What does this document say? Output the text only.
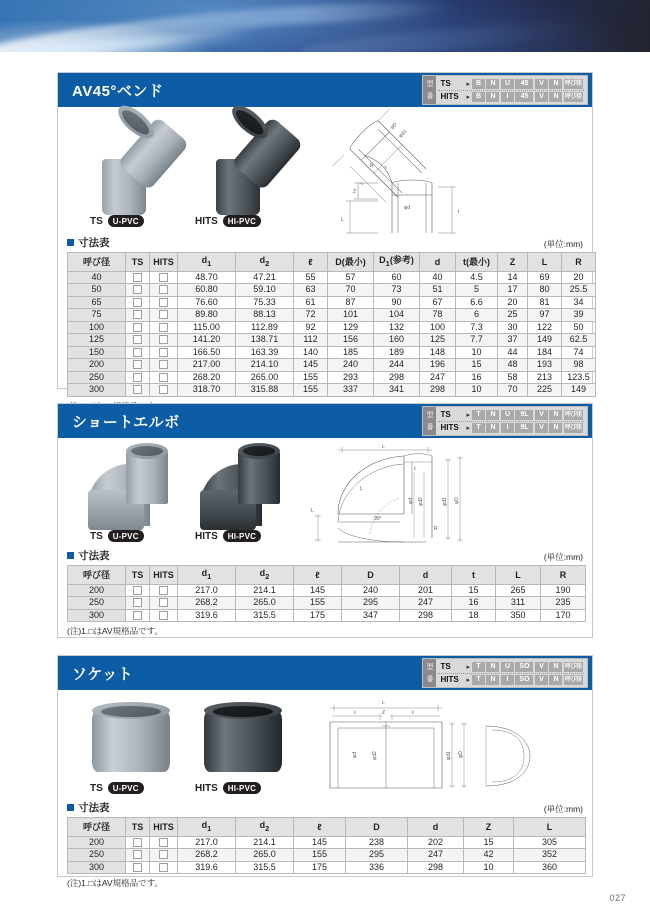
AV45°ベンド	型
番
TS	▸ B	N	U	45	V	N	呼び径
HITS	▸ B	N	I	45	V	N	呼び径
TS	U-PVC	HITS	HI-PVC
Z
L
φd
R
t
L
ℓ
φD
φd1
寸法表	(単位:mm)
呼び径	TS	HITS	$d_1$	$d_2$	ℓ	D(最小)	$D_1$(参考)	d	t(最小)	Z	L	R
40			48.70	47.21	55	57	60	40	4.5	14	69	20
50			60.80	59.10	63	70	73	51	5	17	80	25.5
65			76.60	75.33	61	87	90	67	6.6	20	81	34
75			89.80	88.13	72	101	104	78	6	25	97	39
100			115.00	112.89	92	129	132	100	7.3	30	122	50
125			141.20	138.71	112	156	160	125	7.7	37	149	62.5
150			166.50	163.39	140	185	189	148	10	44	184	74
200			217.00	214.10	145	240	244	196	15	48	193	98
250			268.20	265.00	155	293	298	247	16	58	213	123.5
300			318.70	315.88	155	337	341	298	10	70	225	149
ショートエルボ	型
番
TS	▸ T	N	U	9L	V	N	呼び径
HITS	▸ T	N	I	9L	V	N	呼び径
TS	U-PVC	HITS	HI-PVC
L
ℓ
L
L
90°
R
φd φd2	φd1 φD
寸法表	(単位:mm)
呼び径	TS	HITS	$d_1$	$d_2$	ℓ	D	d	t	L	R
200			217.0	214.1	145	240	201	15	265	190
250			268.2	265.0	155	295	247	16	311	235
300			319.6	315.5	175	347	298	18	350	170
(注)1.□はAV規格品です。
ソケット	型
番
TS	▸ T	N	U	SO	V	N	呼び径
HITS	▸ T	N	I	SO	V	N	呼び径
TS	U-PVC	HITS	HI-PVC
L
ℓ	ℓ
Z
φd	φd2	φd1 φD
寸法表	(単位:mm)
呼び径	TS	HITS	$d_1$	$d_2$	ℓ	D	d	Z	L
200			217.0	214.1	145	238	202	15	305
250			268.2	265.0	155	295	247	42	352
300			319.6	315.5	175	336	298	10	360
(注)1.□はAV規格品です。
027
